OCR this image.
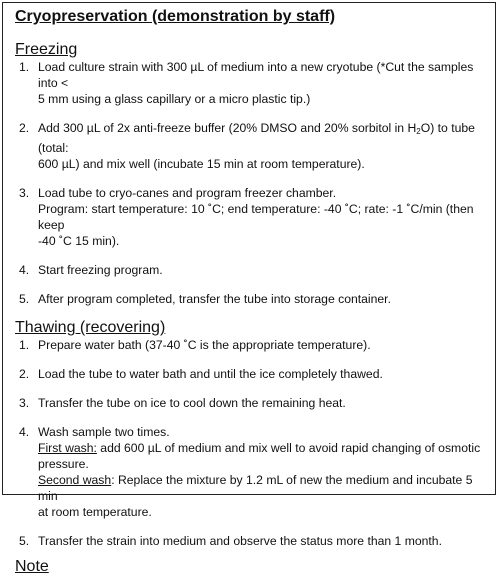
Cryopreservation (demonstration by staff)
Freezing
1. Load culture strain with 300 µL of medium into a new cryotube (*Cut the samples into <
5 mm using a glass capillary or a micro plastic tip.)
2. Add 300 µL of 2x anti-freeze buffer (20% DMSO and 20% sorbitol in $H_2O$) to tube (total:
600 µL) and mix well (incubate 15 min at room temperature).
3. Load tube to cryo-canes and program freezer chamber.
Program: start temperature: 10 ˚C; end temperature: -40 ˚C; rate: -1 ˚C/min (then keep
-40 ˚C 15 min).
4. Start freezing program.
5. After program completed, transfer the tube into storage container.
Thawing (recovering)
1. Prepare water bath (37-40 ˚C is the appropriate temperature).
2. Load the tube to water bath and until the ice completely thawed.
3. Transfer the tube on ice to cool down the remaining heat.
4. Wash sample two times.
First wash: add 600 µL of medium and mix well to avoid rapid changing of osmotic
pressure.
Second wash: Replace the mixture by 1.2 mL of new the medium and incubate 5 min
at room temperature.
5. Transfer the strain into medium and observe the status more than 1 month.
Note
